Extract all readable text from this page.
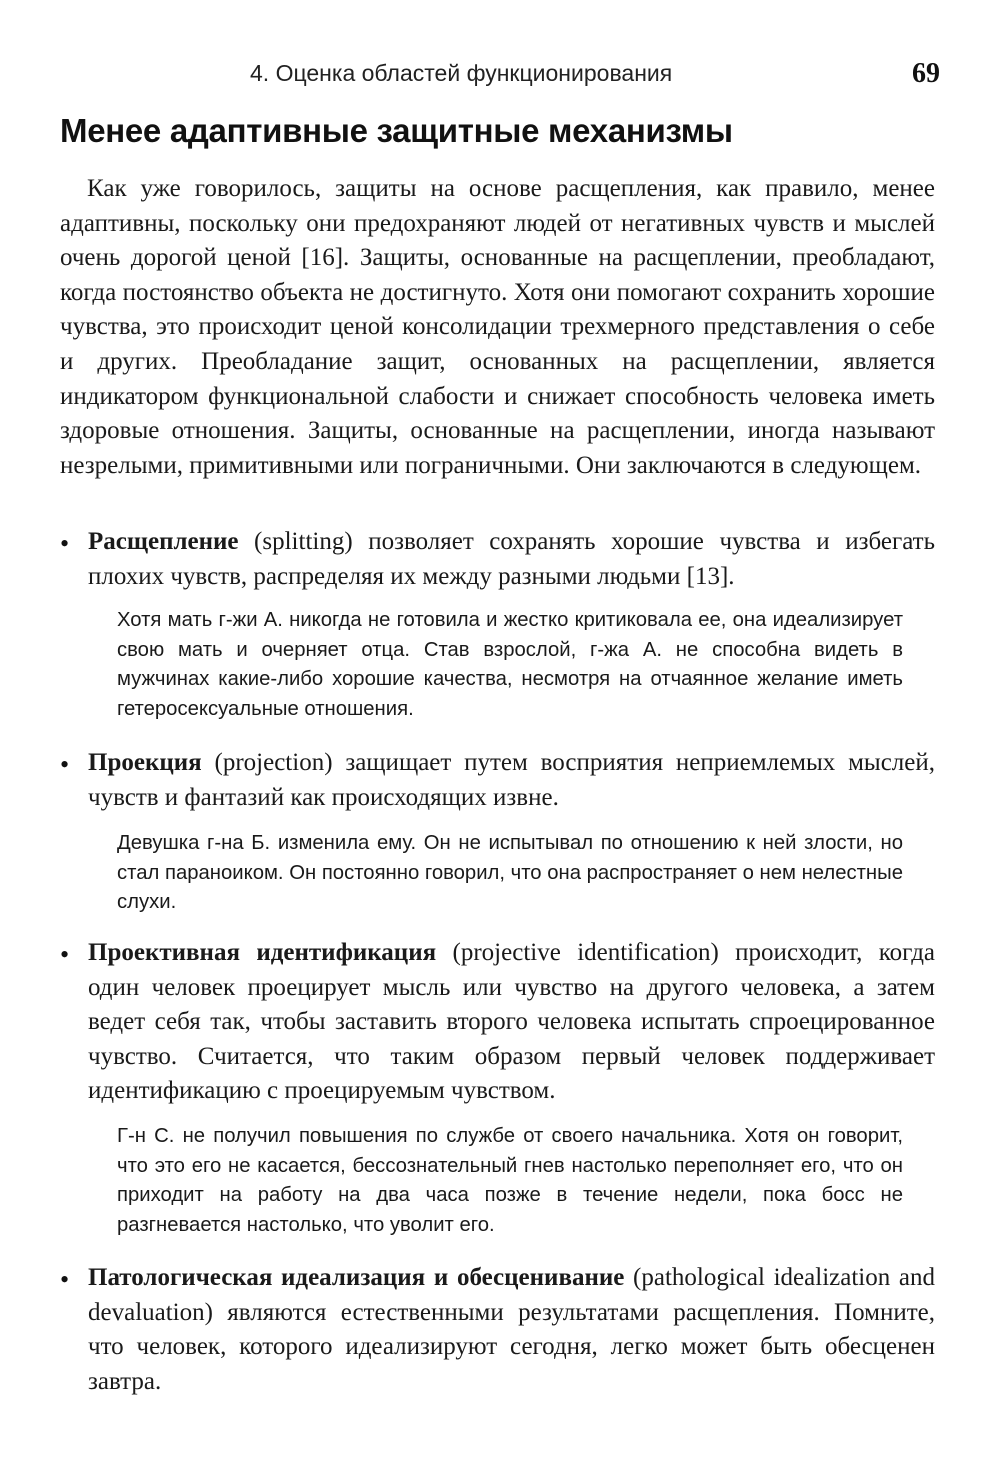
4. Оценка областей функционирования	69
Менее адаптивные защитные механизмы

Как уже говорилось, защиты на основе расщепления, как правило, менее адаптивны, поскольку они предохраняют людей от негативных чувств и мыслей очень дорогой ценой [16]. Защиты, основанные на расщеплении, преобладают, когда постоянство объекта не достигнуто. Хотя они помогают сохранить хорошие чувства, это происходит ценой консолидации трехмерного представления о себе и других. Преобладание защит, основанных на расщеплении, является индикатором функциональной слабости и снижает способность человека иметь здоровые отношения. Защиты, основанные на расщеплении, иногда называют незрелыми, примитивными или пограничными. Они заключаются в следующем.

• Расщепление (splitting) позволяет сохранять хорошие чувства и избегать плохих чувств, распределяя их между разными людьми [13].

Хотя мать г-жи А. никогда не готовила и жестко критиковала ее, она идеализирует свою мать и очерняет отца. Став взрослой, г-жа А. не способна видеть в мужчинах какие-либо хорошие качества, несмотря на отчаянное желание иметь гетеросексуальные отношения.

• Проекция (projection) защищает путем восприятия неприемлемых мыслей, чувств и фантазий как происходящих извне.

Девушка г-на Б. изменила ему. Он не испытывал по отношению к ней злости, но стал параноиком. Он постоянно говорил, что она распространяет о нем нелестные слухи.

• Проективная идентификация (projective identification) происходит, когда один человек проецирует мысль или чувство на другого человека, а затем ведет себя так, чтобы заставить второго человека испытать спроецированное чувство. Считается, что таким образом первый человек поддерживает идентификацию с проецируемым чувством.

Г-н С. не получил повышения по службе от своего начальника. Хотя он говорит, что это его не касается, бессознательный гнев настолько переполняет его, что он приходит на работу на два часа позже в течение недели, пока босс не разгневается настолько, что уволит его.

• Патологическая идеализация и обесценивание (pathological idealization and devaluation) являются естественными результатами расщепления. Помните, что человек, которого идеализируют сегодня, легко может быть обесценен завтра.
